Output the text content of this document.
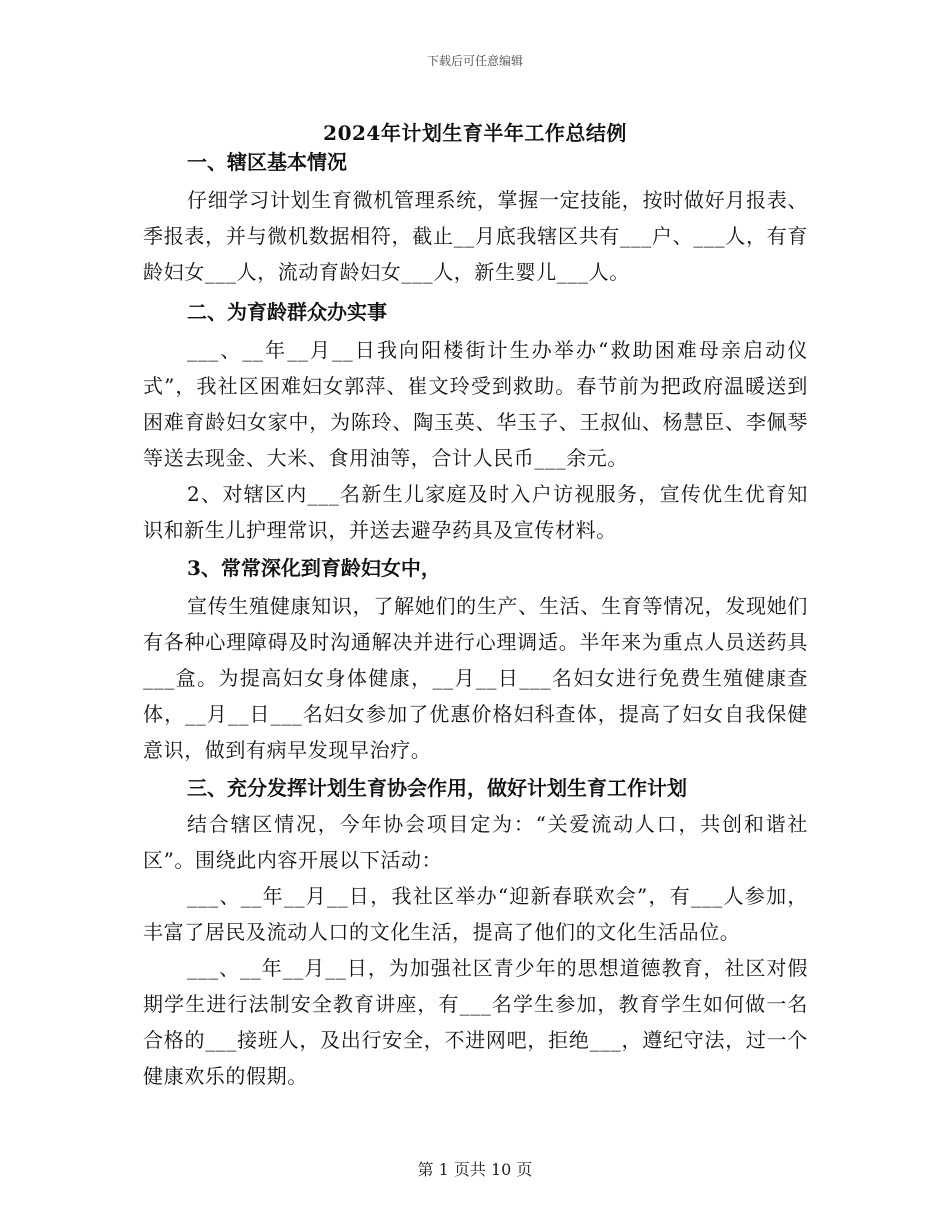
下载后可任意编辑
2024年计划生育半年工作总结例

一、辖区基本情况

仔细学习计划生育微机管理系统，掌握一定技能，按时做好月报表、季报表，并与微机数据相符，截止__月底我辖区共有___户、___人，有育龄妇女___人，流动育龄妇女___人，新生婴儿___人。

二、为育龄群众办实事

___、__年__月__日我向阳楼街计生办举办“救助困难母亲启动仪式”，我社区困难妇女郭萍、崔文玲受到救助。春节前为把政府温暖送到困难育龄妇女家中，为陈玲、陶玉英、华玉子、王叔仙、杨慧臣、李佩琴等送去现金、大米、食用油等，合计人民币___余元。

2、对辖区内___名新生儿家庭及时入户访视服务，宣传优生优育知识和新生儿护理常识，并送去避孕药具及宣传材料。

3、常常深化到育龄妇女中，

宣传生殖健康知识，了解她们的生产、生活、生育等情况，发现她们有各种心理障碍及时沟通解决并进行心理调适。半年来为重点人员送药具___盒。为提高妇女身体健康，__月__日___名妇女进行免费生殖健康查体，__月__日___名妇女参加了优惠价格妇科查体，提高了妇女自我保健意识，做到有病早发现早治疗。

三、充分发挥计划生育协会作用，做好计划生育工作计划

结合辖区情况，今年协会项目定为：“关爱流动人口，共创和谐社区”。围绕此内容开展以下活动：

___、__年__月__日，我社区举办“迎新春联欢会”，有___人参加，丰富了居民及流动人口的文化生活，提高了他们的文化生活品位。

___、__年__月__日，为加强社区青少年的思想道德教育，社区对假期学生进行法制安全教育讲座，有___名学生参加，教育学生如何做一名合格的___接班人，及出行安全，不进网吧，拒绝___，遵纪守法，过一个健康欢乐的假期。

第 1 页共 10 页
